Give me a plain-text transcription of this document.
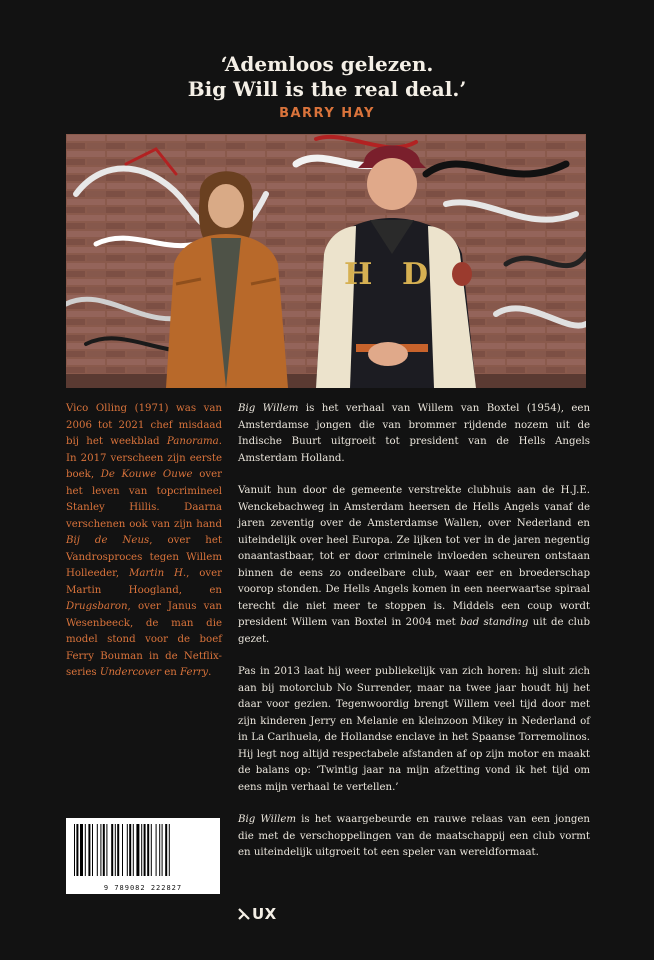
‘Ademloos gelezen.
Big Will is the real deal.’
BARRY HAY
H D

Vico Olling (1971) was van 2006 tot 2021 chef misdaad bij het weekblad Panorama. In 2017 verscheen zijn eerste boek, De Kouwe Ouwe over het leven van topcrimineel Stanley Hillis. Daarna verschenen ook van zijn hand Bij de Neus, over het Vandrosproces tegen Willem Holleeder, Martin H., over Martin Hoogland, en Drugsbaron, over Janus van Wesenbeeck, de man die model stond voor de boef Ferry Bouman in de Netflix-series Undercover en Ferry.

Big Willem is het verhaal van Willem van Boxtel (1954), een Amsterdamse jongen die van brommer rijdende nozem uit de Indische Buurt uitgroeit tot president van de Hells Angels Amsterdam Holland.

Vanuit hun door de gemeente verstrekte clubhuis aan de H.J.E. Wenckebachweg in Amsterdam heersen de Hells Angels vanaf de jaren zeventig over de Amsterdamse Wallen, over Nederland en uiteindelijk over heel Europa. Ze lijken tot ver in de jaren negentig onaantastbaar, tot er door criminele invloeden scheuren ontstaan binnen de eens zo ondeelbare club, waar eer en broederschap voorop stonden. De Hells Angels komen in een neerwaartse spiraal terecht die niet meer te stoppen is. Middels een coup wordt president Willem van Boxtel in 2004 met bad standing uit de club gezet.

Pas in 2013 laat hij weer publiekelijk van zich horen: hij sluit zich aan bij motorclub No Surrender, maar na twee jaar houdt hij het daar voor gezien. Tegenwoordig brengt Willem veel tijd door met zijn kinderen Jerry en Melanie en kleinzoon Mikey in Nederland of in La Carihuela, de Hollandse enclave in het Spaanse Torremolinos. Hij legt nog altijd respectabele afstanden af op zijn motor en maakt de balans op: ‘Twintig jaar na mijn afzetting vond ik het tijd om eens mijn verhaal te vertellen.’

Big Willem is het waargebeurde en rauwe relaas van een jongen die met de verschoppelingen van de maatschappij een club vormt en uiteindelijk uitgroeit tot een speler van wereldformaat.

9 789082 222827
UX
